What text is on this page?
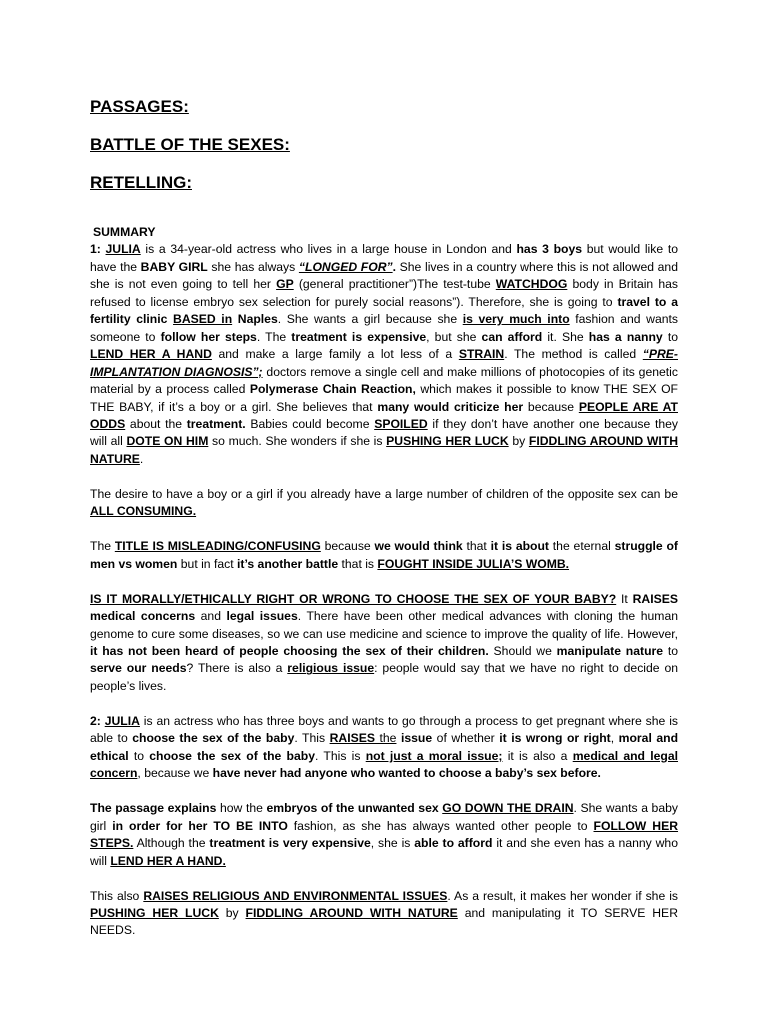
PASSAGES:
BATTLE OF THE SEXES:
RETELLING:

SUMMARY

1: JULIA is a 34-year-old actress who lives in a large house in London and has 3 boys but would like to have the BABY GIRL she has always “LONGED FOR”. She lives in a country where this is not allowed and she is not even going to tell her GP (general practitioner”)The test-tube WATCHDOG body in Britain has refused to license embryo sex selection for purely social reasons”). Therefore, she is going to travel to a fertility clinic BASED in Naples. She wants a girl because she is very much into fashion and wants someone to follow her steps. The treatment is expensive, but she can afford it. She has a nanny to LEND HER A HAND and make a large family a lot less of a STRAIN. The method is called “PRE-IMPLANTATION DIAGNOSIS”; doctors remove a single cell and make millions of photocopies of its genetic material by a process called Polymerase Chain Reaction, which makes it possible to know THE SEX OF THE BABY, if it’s a boy or a girl. She believes that many would criticize her because PEOPLE ARE AT ODDS about the treatment. Babies could become SPOILED if they don’t have another one because they will all DOTE ON HIM so much. She wonders if she is PUSHING HER LUCK by FIDDLING AROUND WITH NATURE.

The desire to have a boy or a girl if you already have a large number of children of the opposite sex can be ALL CONSUMING.

The TITLE IS MISLEADING/CONFUSING because we would think that it is about the eternal struggle of men vs women but in fact it’s another battle that is FOUGHT INSIDE JULIA’S WOMB.

IS IT MORALLY/ETHICALLY RIGHT OR WRONG TO CHOOSE THE SEX OF YOUR BABY? It RAISES medical concerns and legal issues. There have been other medical advances with cloning the human genome to cure some diseases, so we can use medicine and science to improve the quality of life. However, it has not been heard of people choosing the sex of their children. Should we manipulate nature to serve our needs? There is also a religious issue: people would say that we have no right to decide on people’s lives.

2: JULIA is an actress who has three boys and wants to go through a process to get pregnant where she is able to choose the sex of the baby. This RAISES the issue of whether it is wrong or right, moral and ethical to choose the sex of the baby. This is not just a moral issue; it is also a medical and legal concern, because we have never had anyone who wanted to choose a baby’s sex before.

The passage explains how the embryos of the unwanted sex GO DOWN THE DRAIN. She wants a baby girl in order for her TO BE INTO fashion, as she has always wanted other people to FOLLOW HER STEPS. Although the treatment is very expensive, she is able to afford it and she even has a nanny who will LEND HER A HAND.

This also RAISES RELIGIOUS AND ENVIRONMENTAL ISSUES. As a result, it makes her wonder if she is PUSHING HER LUCK by FIDDLING AROUND WITH NATURE and manipulating it TO SERVE HER NEEDS.
